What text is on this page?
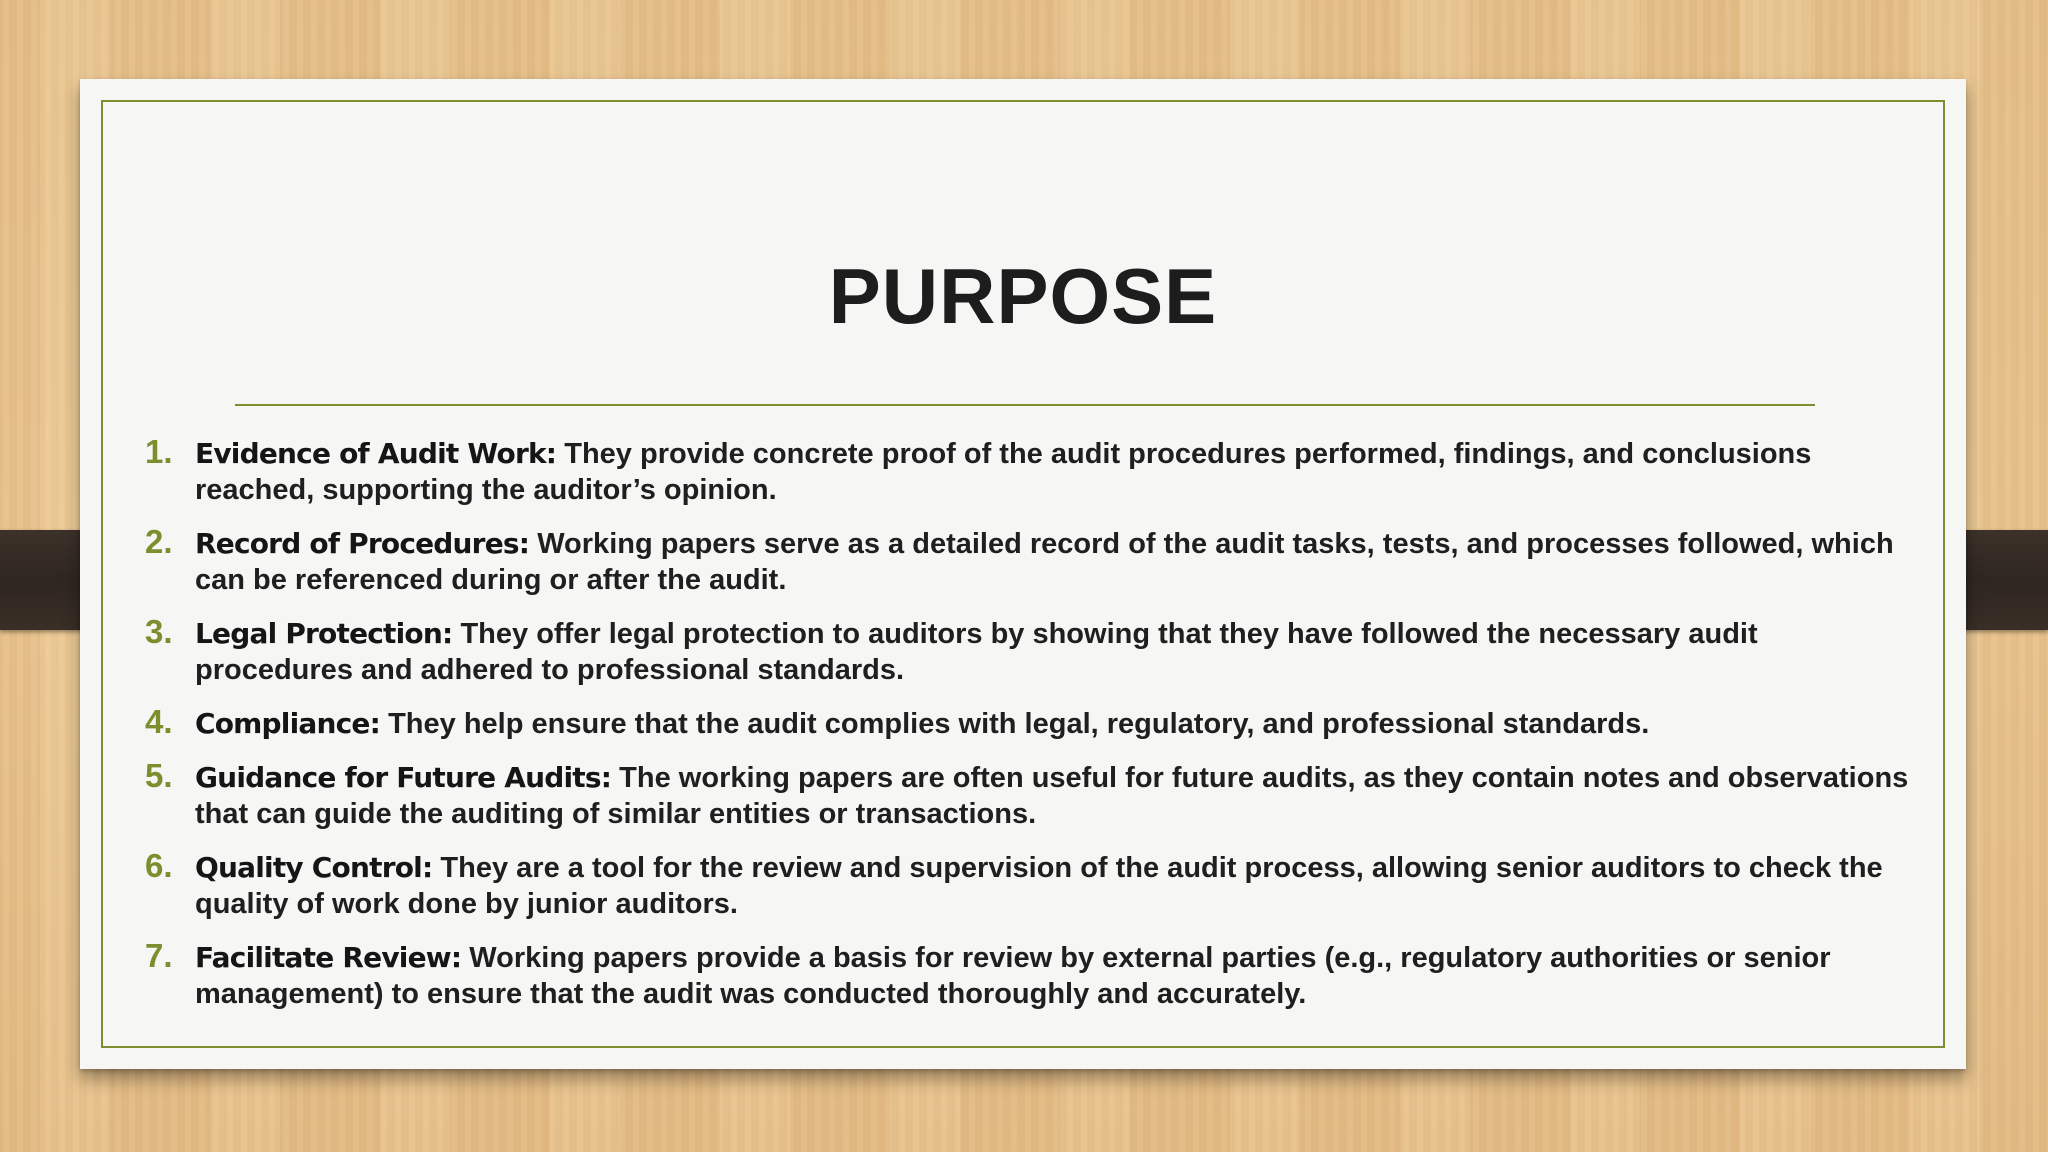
PURPOSE
1. Evidence of Audit Work: They provide concrete proof of the audit procedures performed, findings, and conclusions reached, supporting the auditor’s opinion.
2. Record of Procedures: Working papers serve as a detailed record of the audit tasks, tests, and processes followed, which can be referenced during or after the audit.
3. Legal Protection: They offer legal protection to auditors by showing that they have followed the necessary audit procedures and adhered to professional standards.
4. Compliance: They help ensure that the audit complies with legal, regulatory, and professional standards.
5. Guidance for Future Audits: The working papers are often useful for future audits, as they contain notes and observations that can guide the auditing of similar entities or transactions.
6. Quality Control: They are a tool for the review and supervision of the audit process, allowing senior auditors to check the quality of work done by junior auditors.
7. Facilitate Review: Working papers provide a basis for review by external parties (e.g., regulatory authorities or senior management) to ensure that the audit was conducted thoroughly and accurately.
